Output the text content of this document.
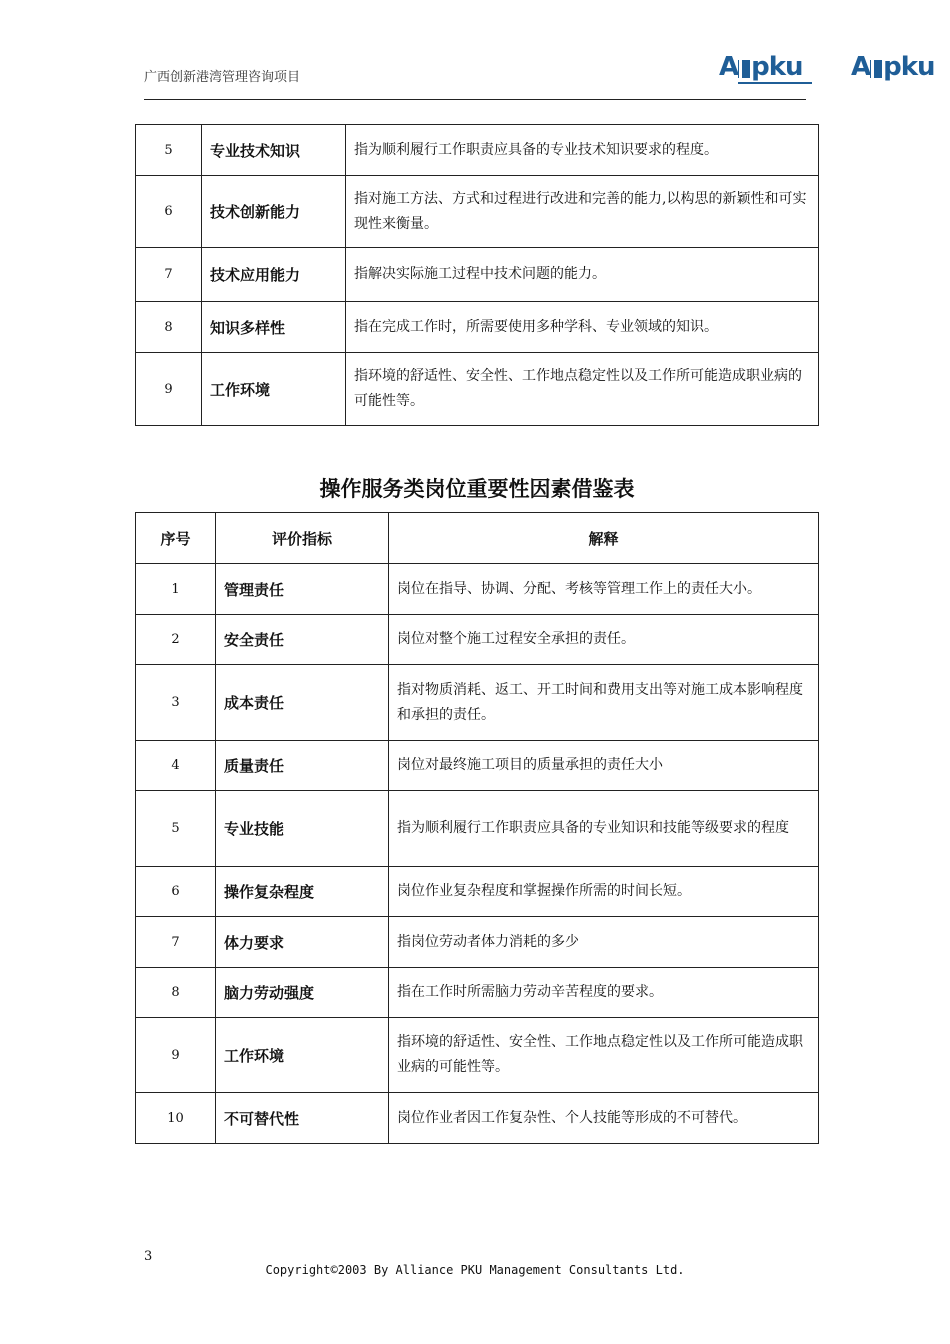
广西创新港湾管理咨询项目	A pku A pku
5	专业技术知识	指为顺利履行工作职责应具备的专业技术知识要求的程度。
6	技术创新能力	指对施工方法、方式和过程进行改进和完善的能力,以构思的新颖性和可实现性来衡量。
7	技术应用能力	指解决实际施工过程中技术问题的能力。
8	知识多样性	指在完成工作时，所需要使用多种学科、专业领域的知识。
9	工作环境	指环境的舒适性、安全性、工作地点稳定性以及工作所可能造成职业病的可能性等。
操作服务类岗位重要性因素借鉴表
序号	评价指标	解释
1	管理责任	岗位在指导、协调、分配、考核等管理工作上的责任大小。
2	安全责任	岗位对整个施工过程安全承担的责任。
3	成本责任	指对物质消耗、返工、开工时间和费用支出等对施工成本影响程度和承担的责任。
4	质量责任	岗位对最终施工项目的质量承担的责任大小
5	专业技能	指为顺利履行工作职责应具备的专业知识和技能等级要求的程度
6	操作复杂程度	岗位作业复杂程度和掌握操作所需的时间长短。
7	体力要求	指岗位劳动者体力消耗的多少
8	脑力劳动强度	指在工作时所需脑力劳动辛苦程度的要求。
9	工作环境	指环境的舒适性、安全性、工作地点稳定性以及工作所可能造成职业病的可能性等。
10	不可替代性	岗位作业者因工作复杂性、个人技能等形成的不可替代。
3
Copyright©2003 By Alliance PKU Management Consultants Ltd.
